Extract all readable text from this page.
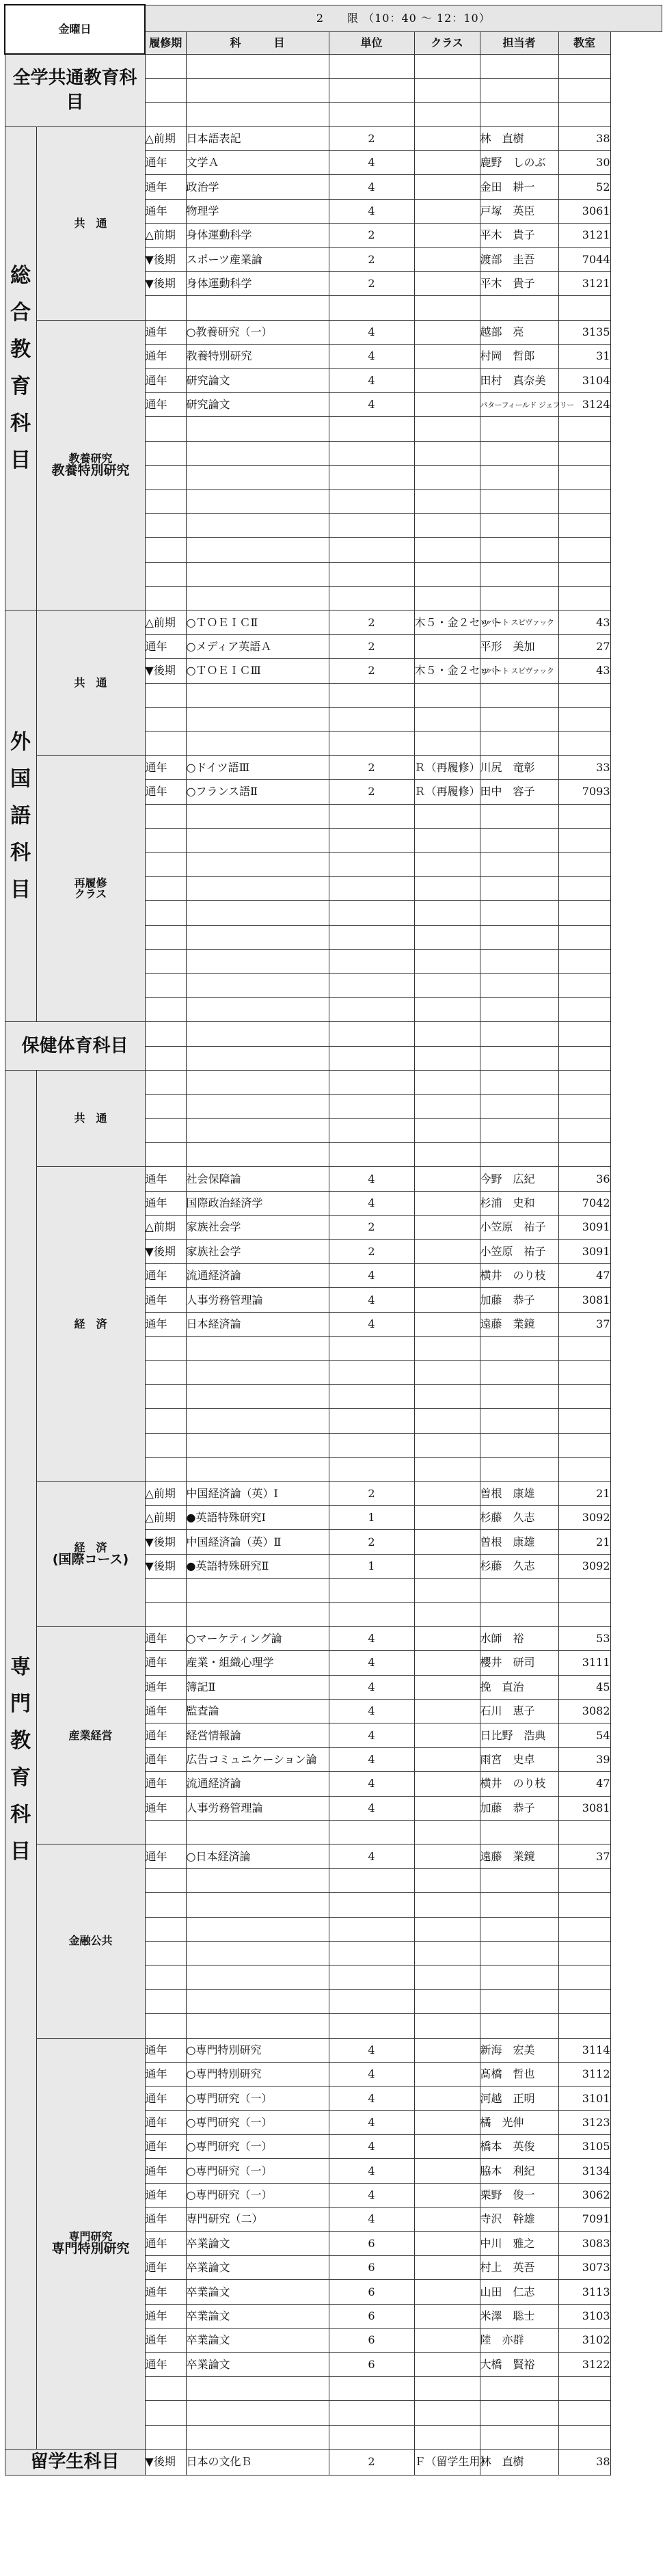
金曜日		2　　限 （10：40 ～ 12：10）					
		履修期	科　　　目	単位	クラス	担当者	教室
全学共通教育科目							

総合教育科目	共　通	△前期	日本語表記	2		林　直樹	38
		通年	文学Ａ	4		鹿野　しのぶ	30
		通年	政治学	4		金田　耕一	52
		通年	物理学	4		戸塚　英臣	3061
		△前期	身体運動科学	2		平木　貴子	3121
		▼後期	スポーツ産業論	2		渡部　圭吾	7044
		▼後期	身体運動科学	2		平木　貴子	3121

	教養研究
教養特別研究	通年	○教養研究（一）	4		越部　亮	3135
		通年	教養特別研究	4		村岡　哲郎	31
		通年	研究論文	4		田村　真奈美	3104
		通年	研究論文	4		パターフィールド ジェフリー	3124

外国語科目	共　通	△前期	○ＴＯＥＩＣⅡ	2	木５・金２セット	ロバート スピヴァック	43
		通年	○メディア英語Ａ	2		平形　美加	27
		▼後期	○ＴＯＥＩＣⅢ	2	木５・金２セット	ロバート スピヴァック	43

	再履修
クラス	通年	○ドイツ語Ⅲ	2	Ｒ（再履修）	川尻　竜彰	33
		通年	○フランス語Ⅱ	2	Ｒ（再履修）	田中　容子	7093

保健体育科目							

専門教育科目	共　通						

	経　済	通年	社会保障論	4		今野　広紀	36
		通年	国際政治経済学	4		杉浦　史和	7042
		△前期	家族社会学	2		小笠原　祐子	3091
		▼後期	家族社会学	2		小笠原　祐子	3091
		通年	流通経済論	4		横井　のり枝	47
		通年	人事労務管理論	4		加藤　恭子	3081
		通年	日本経済論	4		遠藤　業鏡	37

	経　済
(国際コース)	△前期	中国経済論（英）Ⅰ	2		曽根　康雄	21
		△前期	●英語特殊研究Ⅰ	1		杉藤　久志	3092
		▼後期	中国経済論（英）Ⅱ	2		曽根　康雄	21
		▼後期	●英語特殊研究Ⅱ	1		杉藤　久志	3092

	産業経営	通年	○マーケティング論	4		水師　裕	53
		通年	産業・組織心理学	4		櫻井　研司	3111
		通年	簿記Ⅱ	4		挽　直治	45
		通年	監査論	4		石川　恵子	3082
		通年	経営情報論	4		日比野　浩典	54
		通年	広告コミュニケーション論	4		雨宮　史卓	39
		通年	流通経済論	4		横井　のり枝	47
		通年	人事労務管理論	4		加藤　恭子	3081

	金融公共	通年	○日本経済論	4		遠藤　業鏡	37

	専門研究
専門特別研究	通年	○専門特別研究	4		新海　宏美	3114
		通年	○専門特別研究	4		髙橋　哲也	3112
		通年	○専門研究（一）	4		河越　正明	3101
		通年	○専門研究（一）	4		橘　光伸	3123
		通年	○専門研究（一）	4		橋本　英俊	3105
		通年	○専門研究（一）	4		脇本　利紀	3134
		通年	○専門研究（一）	4		栗野　俊一	3062
		通年	専門研究（二）	4		寺沢　幹雄	7091
		通年	卒業論文	6		中川　雅之	3083
		通年	卒業論文	6		村上　英吾	3073
		通年	卒業論文	6		山田　仁志	3113
		通年	卒業論文	6		米澤　聡士	3103
		通年	卒業論文	6		陸　亦群	3102
		通年	卒業論文	6		大橋　賢裕	3122

留学生科目		▼後期	日本の文化Ｂ	2	Ｆ（留学生用）	林　直樹	38
